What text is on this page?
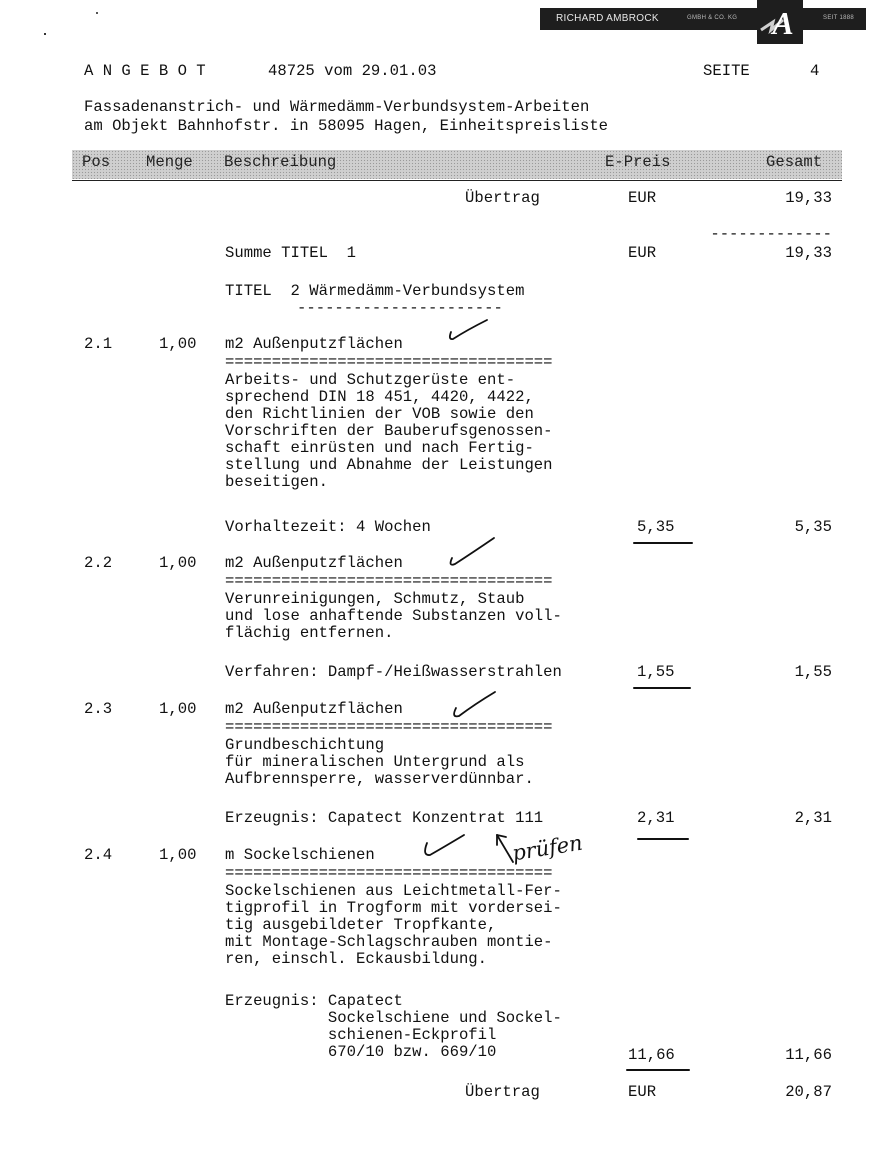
RICHARD AMBROCK	GMBH & CO. KG	SEIT 1888
A
A N G E B O T	48725 vom 29.01.03	SEITE	4
Fassadenanstrich- und Wärmedämm-Verbundsystem-Arbeiten
am Objekt Bahnhofstr. in 58095 Hagen, Einheitspreisliste
Pos Menge Beschreibung	E-Preis	Gesamt
Übertrag	EUR	19,33
-------------
Summe TITEL  1	EUR	19,33
TITEL  2 Wärmedämm-Verbundsystem
----------------------
2.1	1,00 m2 Außenputzflächen
===================================
Arbeits- und Schutzgerüste ent-
sprechend DIN 18 451, 4420, 4422,
den Richtlinien der VOB sowie den
Vorschriften der Bauberufsgenossen-
schaft einrüsten und nach Fertig-
stellung und Abnahme der Leistungen
beseitigen.
Vorhaltezeit: 4 Wochen	5,35	5,35
2.2	1,00 m2 Außenputzflächen
===================================
Verunreinigungen, Schmutz, Staub
und lose anhaftende Substanzen voll-
flächig entfernen.
Verfahren: Dampf-/Heißwasserstrahlen	1,55	1,55
2.3	1,00 m2 Außenputzflächen
===================================
Grundbeschichtung
für mineralischen Untergrund als
Aufbrennsperre, wasserverdünnbar.
Erzeugnis: Capatect Konzentrat 111	2,31	2,31
2.4	1,00 m Sockelschienen
===================================
Sockelschienen aus Leichtmetall-Fer-
tigprofil in Trogform mit vordersei-
tig ausgebildeter Tropfkante,
mit Montage-Schlagschrauben montie-
ren, einschl. Eckausbildung.
Erzeugnis: Capatect
Sockelschiene und Sockel-
schienen-Eckprofil
670/10 bzw. 669/10	11,66	11,66
Übertrag	EUR	20,87
prüfen
